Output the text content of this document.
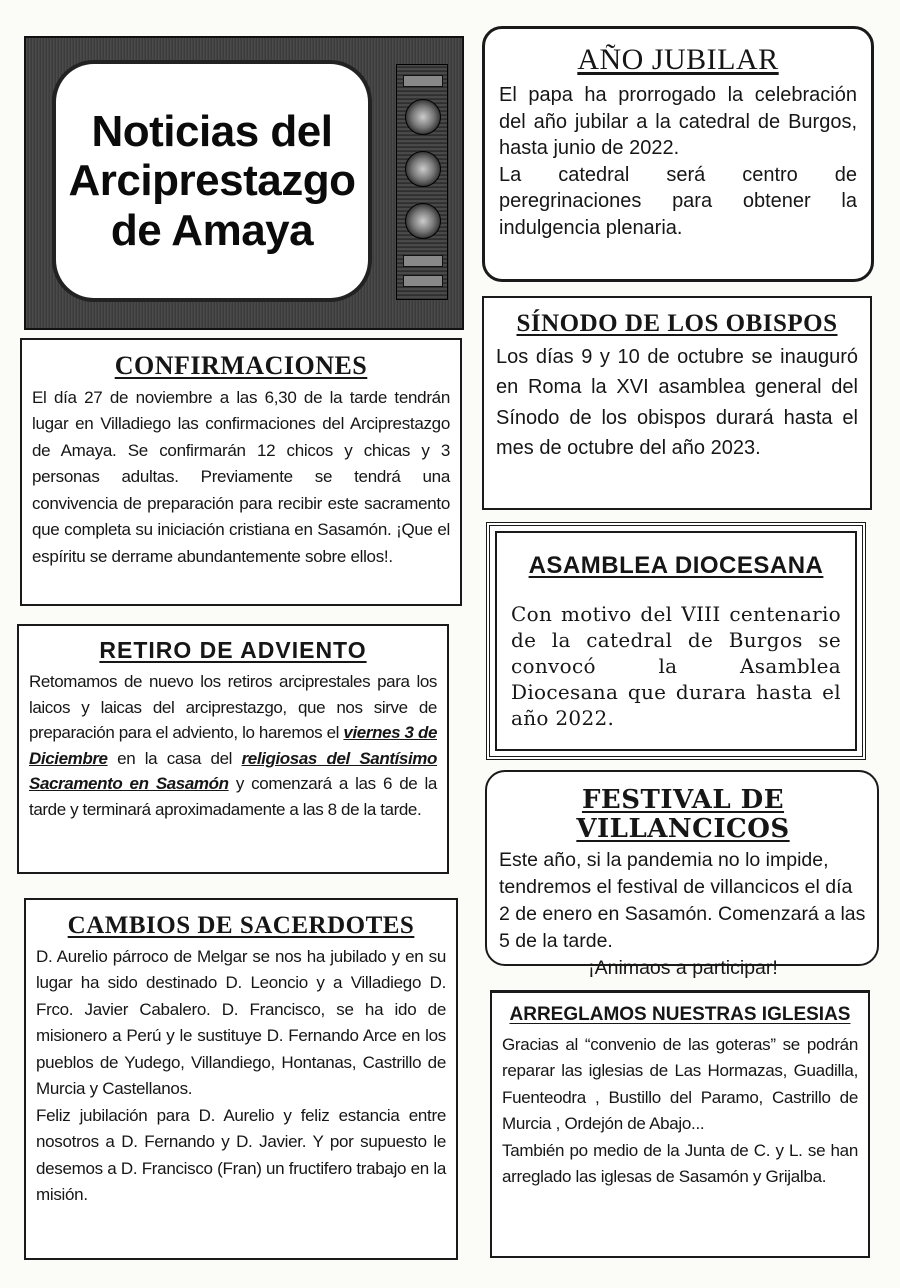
Noticias del
Arciprestazgo
de Amaya
AÑO JUBILAR

El papa ha prorrogado la celebración del año jubilar a la catedral de Burgos, hasta junio de 2022.

La catedral será centro de peregrinaciones para obtener la indulgencia plenaria.

CONFIRMACIONES

El día 27 de noviembre a las 6,30 de la tarde tendrán lugar en Villadiego las confirmaciones del Arciprestazgo de Amaya. Se confirmarán 12 chicos y chicas y 3 personas adultas. Previamente se tendrá una convivencia de preparación para recibir este sacramento que completa su iniciación cristiana en Sasamón. ¡Que el espíritu se derrame abundantemente sobre ellos!.

SÍNODO DE LOS OBISPOS

Los días 9 y 10 de octubre se inauguró en Roma la XVI asamblea general del Sínodo de los obispos durará hasta el mes de octubre del año 2023.

ASAMBLEA DIOCESANA

Con motivo del VIII centenario de la catedral de Burgos se convocó la Asamblea Diocesana que durara hasta el año 2022.

RETIRO DE ADVIENTO

Retomamos de nuevo los retiros arciprestales para los laicos y laicas del arciprestazgo, que nos sirve de preparación para el adviento, lo haremos el viernes 3 de Diciembre en la casa del religiosas del Santísimo Sacramento en Sasamón y comenzará a las 6 de la tarde y terminará aproximadamente a las 8 de la tarde.	FESTIVAL DE VILLANCICOS

Este año, si la pandemia no lo impide, tendremos el festival de villancicos el día 2 de enero en Sasamón. Comenzará a las 5 de la tarde.

¡Animaos a participar!

CAMBIOS DE SACERDOTES

D. Aurelio párroco de Melgar se nos ha jubilado y en su lugar ha sido destinado D. Leoncio y a Villadiego D. Frco. Javier Cabalero. D. Francisco, se ha ido de misionero a Perú y le sustituye D. Fernando Arce en los pueblos de Yudego, Villandiego, Hontanas, Castrillo de Murcia y Castellanos.

Feliz jubilación para D. Aurelio y feliz estancia entre nosotros a D. Fernando y D. Javier. Y por supuesto le desemos a D. Francisco (Fran) un fructifero trabajo en la misión.

ARREGLAMOS NUESTRAS IGLESIAS

Gracias al “convenio de las goteras” se podrán reparar las iglesias de Las Hormazas, Guadilla, Fuenteodra , Bustillo del Paramo, Castrillo de Murcia , Ordejón de Abajo...

También po medio de la Junta de C. y L. se han arreglado las iglesas de Sasamón y Grijalba.
